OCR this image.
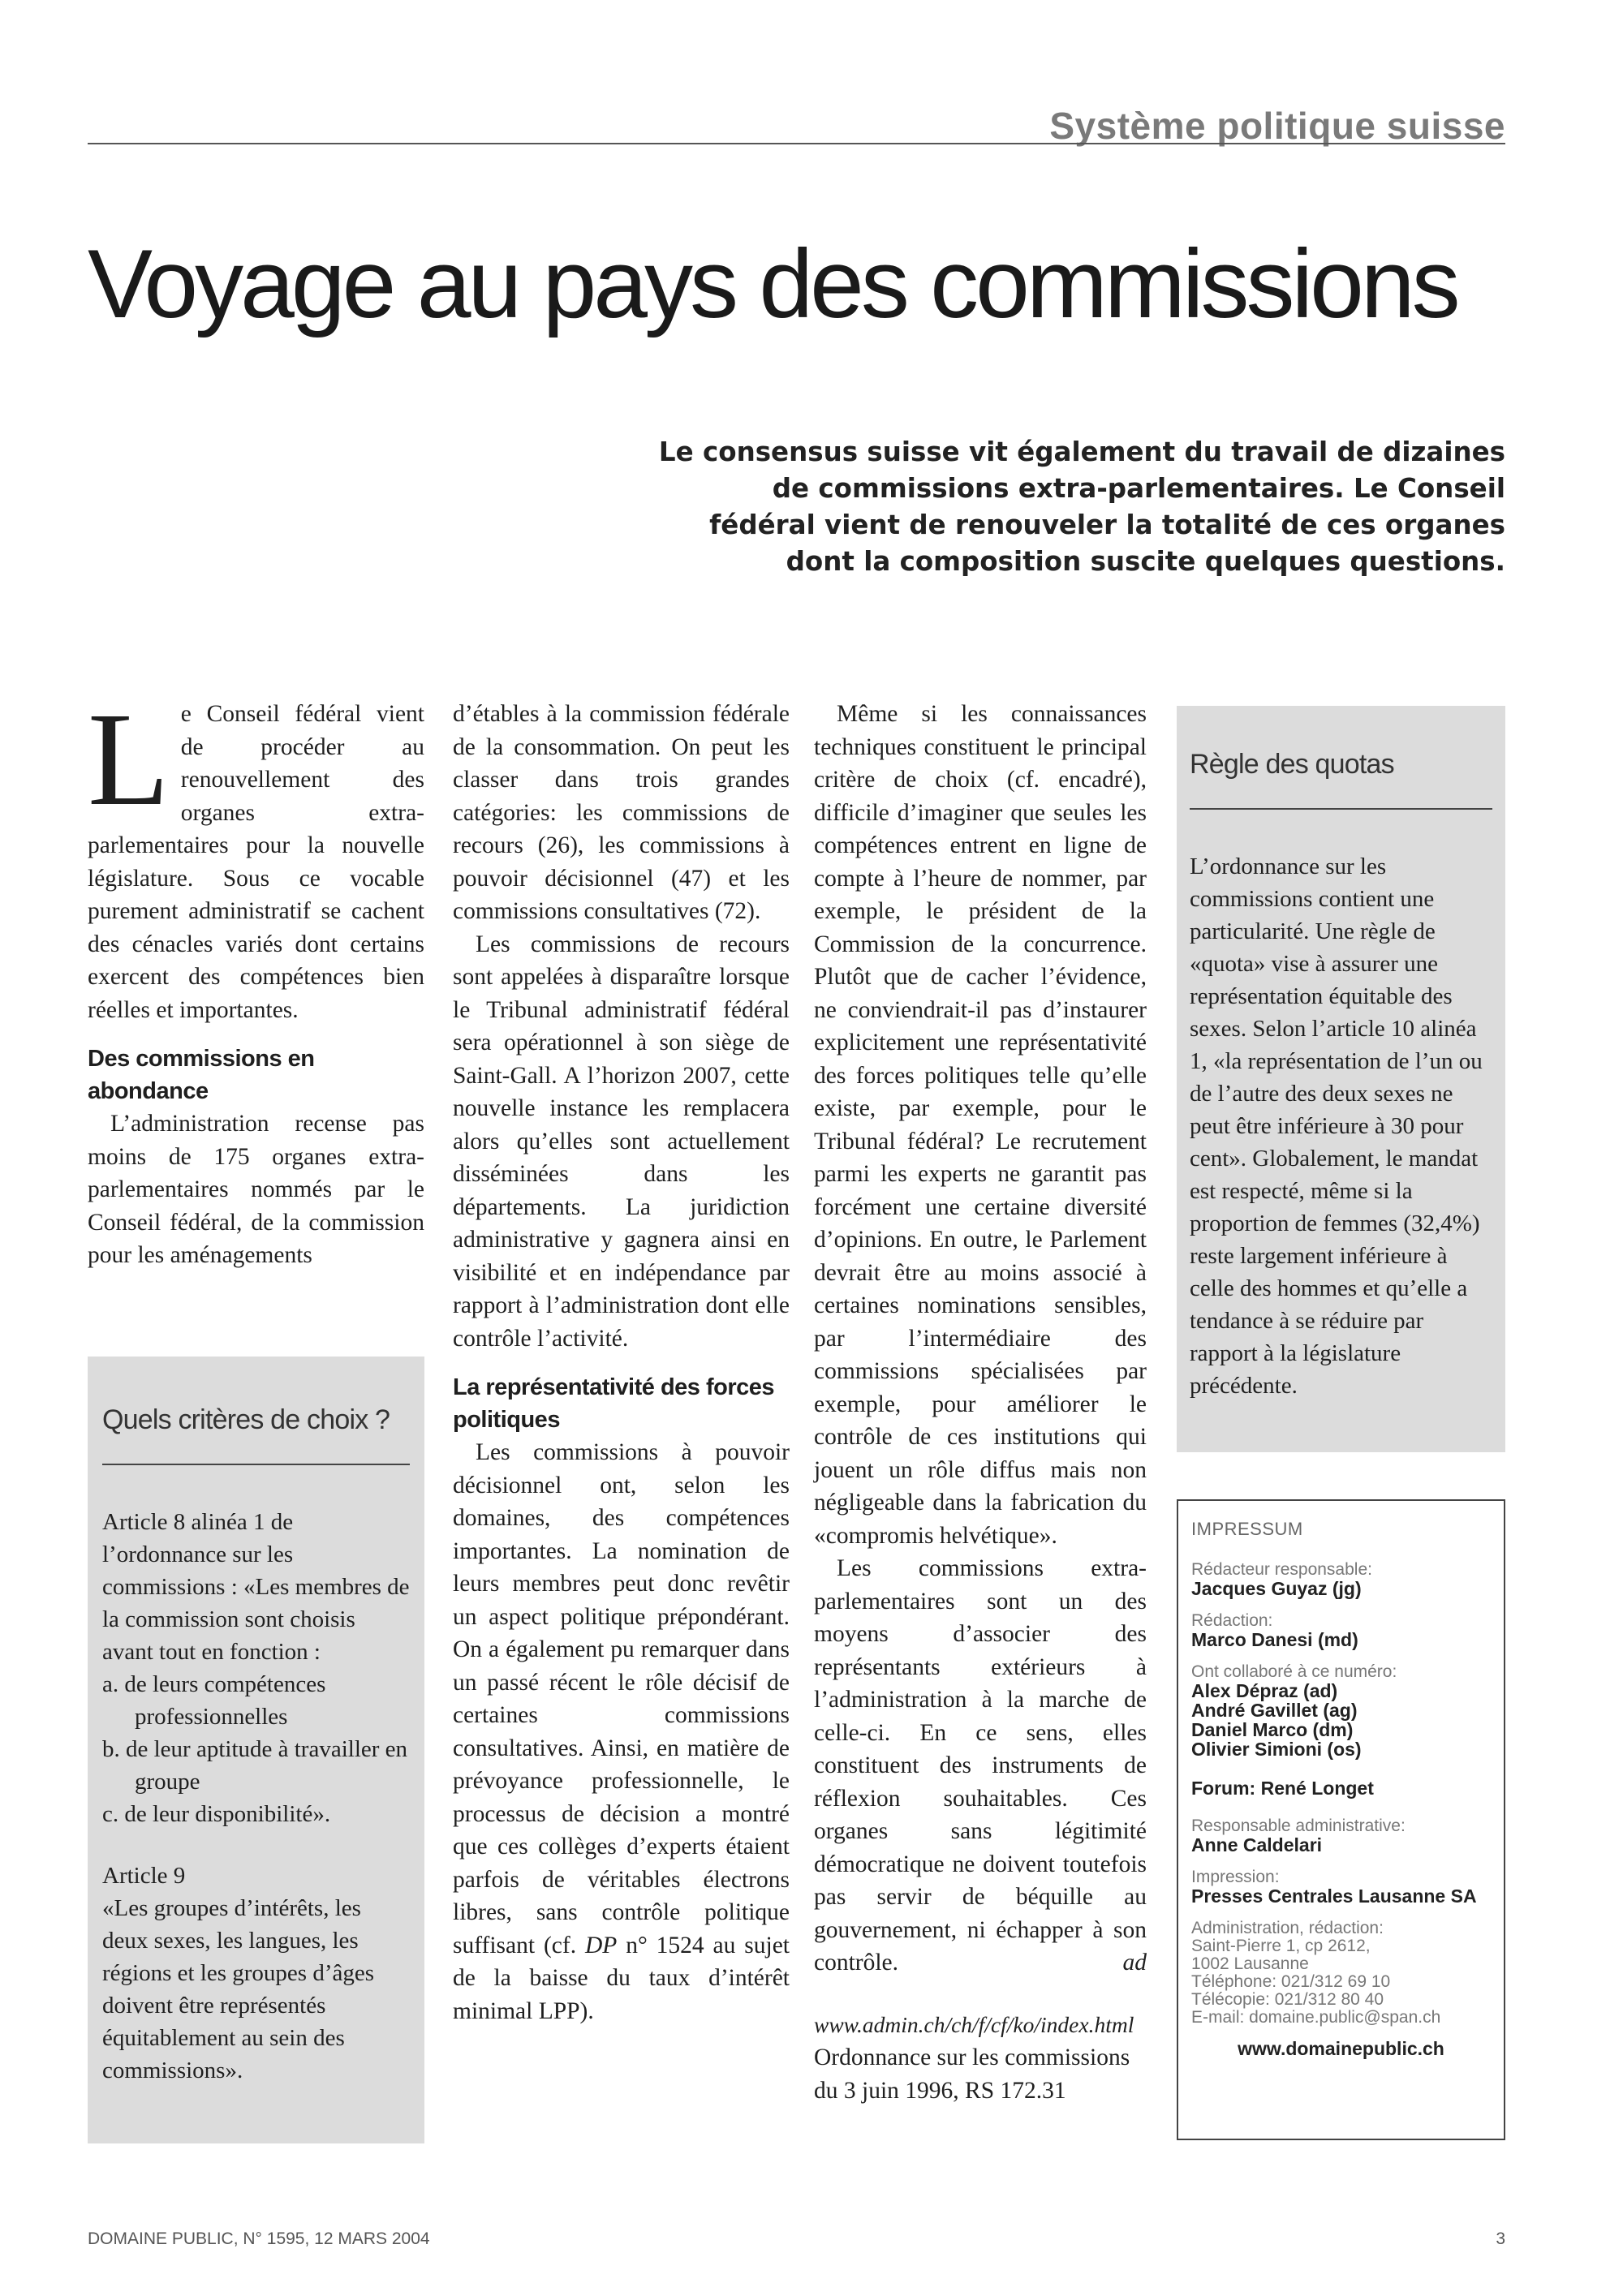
Système politique suisse
Voyage au pays des commissions
Le consensus suisse vit également du travail de dizaines
de commissions extra-parlementaires. Le Conseil
fédéral vient de renouveler la totalité de ces organes
dont la composition suscite quelques questions.

Le Conseil fédéral vient de procéder au renouvellement des organes extra-parlementaires pour la nouvelle législature. Sous ce vocable purement administratif se cachent des cénacles variés dont certains exercent des compétences bien réelles et importantes.

Des commissions en abondance

L’administration recense pas moins de 175 organes extra-parlementaires nommés par le Conseil fédéral, de la commission pour les aménagements

Quels critères de choix ?

Article 8 alinéa 1 de l’ordonnance sur les commissions : «Les membres de la commission sont choisis avant tout en fonction :

a. de leurs compétences professionnelles
b. de leur aptitude à travailler en groupe
c. de leur disponibilité».

Article 9

«Les groupes d’intérêts, les deux sexes, les langues, les régions et les groupes d’âges doivent être représentés équitablement au sein des commissions».

d’étables à la commission fédérale de la consommation. On peut les classer dans trois grandes catégories: les commissions de recours (26), les commissions à pouvoir décisionnel (47) et les commissions consultatives (72).

Les commissions de recours sont appelées à disparaître lorsque le Tribunal administratif fédéral sera opérationnel à son siège de Saint-Gall. A l’horizon 2007, cette nouvelle instance les remplacera alors qu’elles sont actuellement disséminées dans les départements. La juridiction administrative y gagnera ainsi en visibilité et en indépendance par rapport à l’administration dont elle contrôle l’activité.

La représentativité des forces politiques

Les commissions à pouvoir décisionnel ont, selon les domaines, des compétences importantes. La nomination de leurs membres peut donc revêtir un aspect politique prépondérant. On a également pu remarquer dans un passé récent le rôle décisif de certaines commissions consultatives. Ainsi, en matière de prévoyance professionnelle, le processus de décision a montré que ces collèges d’experts étaient parfois de véritables électrons libres, sans contrôle politique suffisant (cf. DP n° 1524 au sujet de la baisse du taux d’intérêt minimal LPP).

Même si les connaissances techniques constituent le principal critère de choix (cf. encadré), difficile d’imaginer que seules les compétences entrent en ligne de compte à l’heure de nommer, par exemple, le président de la Commission de la concurrence. Plutôt que de cacher l’évidence, ne conviendrait-il pas d’instaurer explicitement une représentativité des forces politiques telle qu’elle existe, par exemple, pour le Tribunal fédéral? Le recrutement parmi les experts ne garantit pas forcément une certaine diversité d’opinions. En outre, le Parlement devrait être au moins associé à certaines nominations sensibles, par l’intermédiaire des commissions spécialisées par exemple, pour améliorer le contrôle de ces institutions qui jouent un rôle diffus mais non négligeable dans la fabrication du «compromis helvétique».

Les commissions extra-parlementaires sont un des moyens d’associer des représentants extérieurs à l’administration à la marche de celle-ci. En ce sens, elles constituent des instruments de réflexion souhaitables. Ces organes sans légitimité démocratique ne doivent toutefois pas servir de béquille au gouvernement, ni échapper à son contrôle.	ad

www.admin.ch/ch/f/cf/ko/index.html

Ordonnance sur les commissions du 3 juin 1996, RS 172.31

Règle des quotas

L’ordonnance sur les commissions contient une particularité. Une règle de «quota» vise à assurer une représentation équitable des sexes. Selon l’article 10 alinéa 1, «la représentation de l’un ou de l’autre des deux sexes ne peut être inférieure à 30 pour cent». Globalement, le mandat est respecté, même si la proportion de femmes (32,4%) reste largement inférieure à celle des hommes et qu’elle a tendance à se réduire par rapport à la législature précédente.

IMPRESSUM
Rédacteur responsable:
Jacques Guyaz (jg)
Rédaction:
Marco Danesi (md)
Ont collaboré à ce numéro:
Alex Dépraz (ad)
André Gavillet (ag)
Daniel Marco (dm)
Olivier Simioni (os)
Forum: René Longet
Responsable administrative:
Anne Caldelari
Impression:
Presses Centrales Lausanne SA
Administration, rédaction:
Saint-Pierre 1, cp 2612,
1002 Lausanne
Téléphone: 021/312 69 10
Télécopie: 021/312 80 40
E-mail: domaine.public@span.ch
www.domainepublic.ch
DOMAINE PUBLIC, N° 1595, 12 MARS 2004	3
